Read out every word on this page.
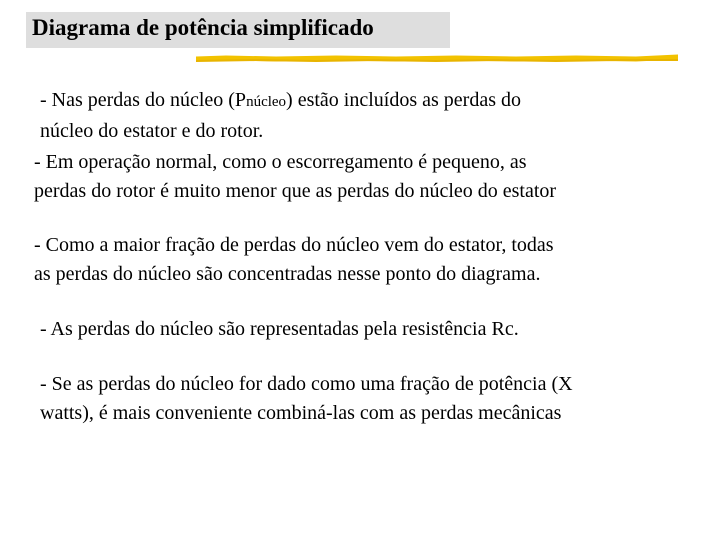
Diagrama de potência simplificado
- Nas perdas do núcleo (Pnúcleo) estão incluídos as perdas do
núcleo do estator e do rotor.
- Em operação normal, como o escorregamento é pequeno, as
perdas do rotor é muito menor que as perdas do núcleo do estator
- Como a maior fração de perdas do núcleo vem do estator, todas
as perdas do núcleo são concentradas nesse ponto do diagrama.
- As perdas do núcleo são representadas pela resistência Rc.
- Se as perdas do núcleo for dado como uma fração de potência (X
watts), é mais conveniente combiná-las com as perdas mecânicas
